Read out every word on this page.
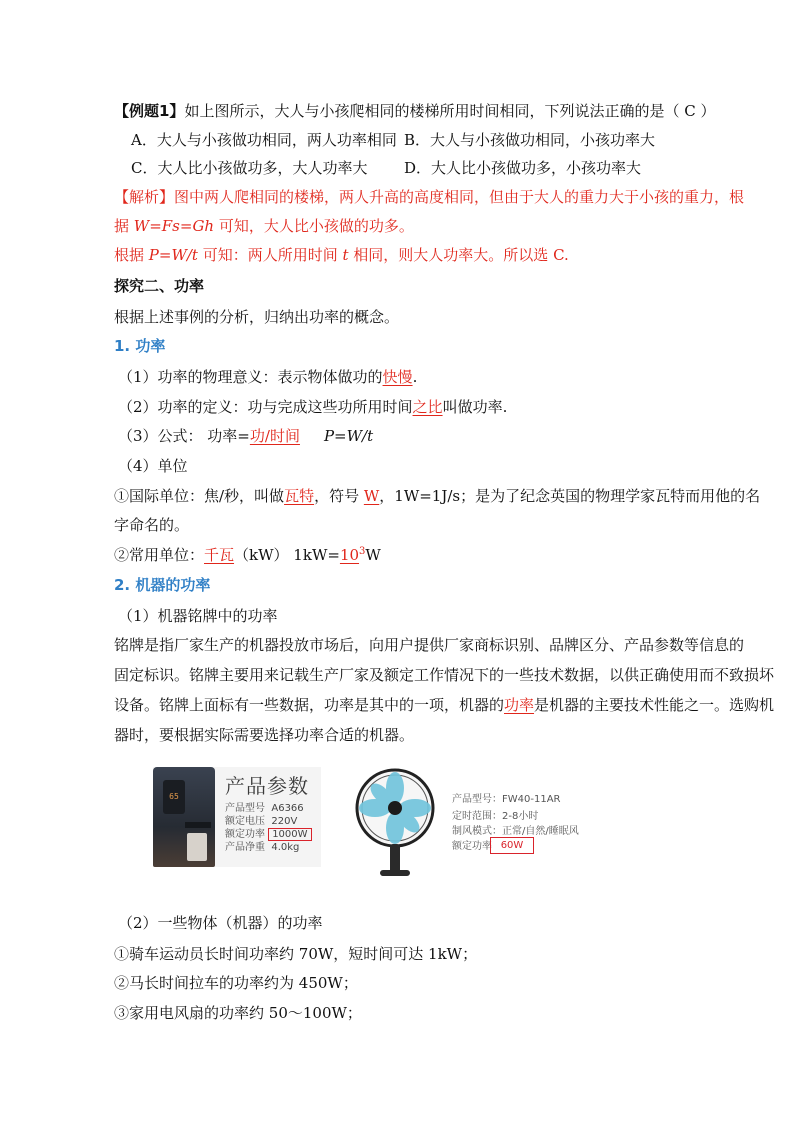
【例题1】如上图所示，大人与小孩爬相同的楼梯所用时间相同，下列说法正确的是（ C ）
A．大人与小孩做功相同，两人功率相同 B．大人与小孩做功相同，小孩功率大
C．大人比小孩做功多，大人功率大 D．大人比小孩做功多，小孩功率大
【解析】图中两人爬相同的楼梯，两人升高的高度相同，但由于大人的重力大于小孩的重力，根
据 W=Fs=Gh 可知，大人比小孩做的功多。
根据 P=W/t 可知：两人所用时间 t 相同，则大人功率大。所以选 C.
探究二、功率
根据上述事例的分析，归纳出功率的概念。
1. 功率
（1）功率的物理意义：表示物体做功的快慢.
（2）功率的定义：功与完成这些功所用时间之比叫做功率.
（3）公式： 功率=功/时间 P=W/t
（4）单位
①国际单位：焦/秒，叫做瓦特，符号 W，1W=1J/s；是为了纪念英国的物理学家瓦特而用他的名
字命名的。
②常用单位：千瓦（kW） $1kW=10^3W$
2. 机器的功率
（1）机器铭牌中的功率
铭牌是指厂家生产的机器投放市场后，向用户提供厂家商标识别、品牌区分、产品参数等信息的
固定标识。铭牌主要用来记载生产厂家及额定工作情况下的一些技术数据，以供正确使用而不致损坏
设备。铭牌上面标有一些数据，功率是其中的一项，机器的功率是机器的主要技术性能之一。选购机
器时，要根据实际需要选择功率合适的机器。
65	产品参数
产品型号 A6366
额定电压 220V
额定功率 1000W
产品净重 4.0kg
产品型号：FW40-11AR
定时范围：2-8小时
制风模式：正常/自然/睡眠风
额定功率 60W
（2）一些物体（机器）的功率
①骑车运动员长时间功率约 70W，短时间可达 1kW；
②马长时间拉车的功率约为 450W；
③家用电风扇的功率约 50～100W；
